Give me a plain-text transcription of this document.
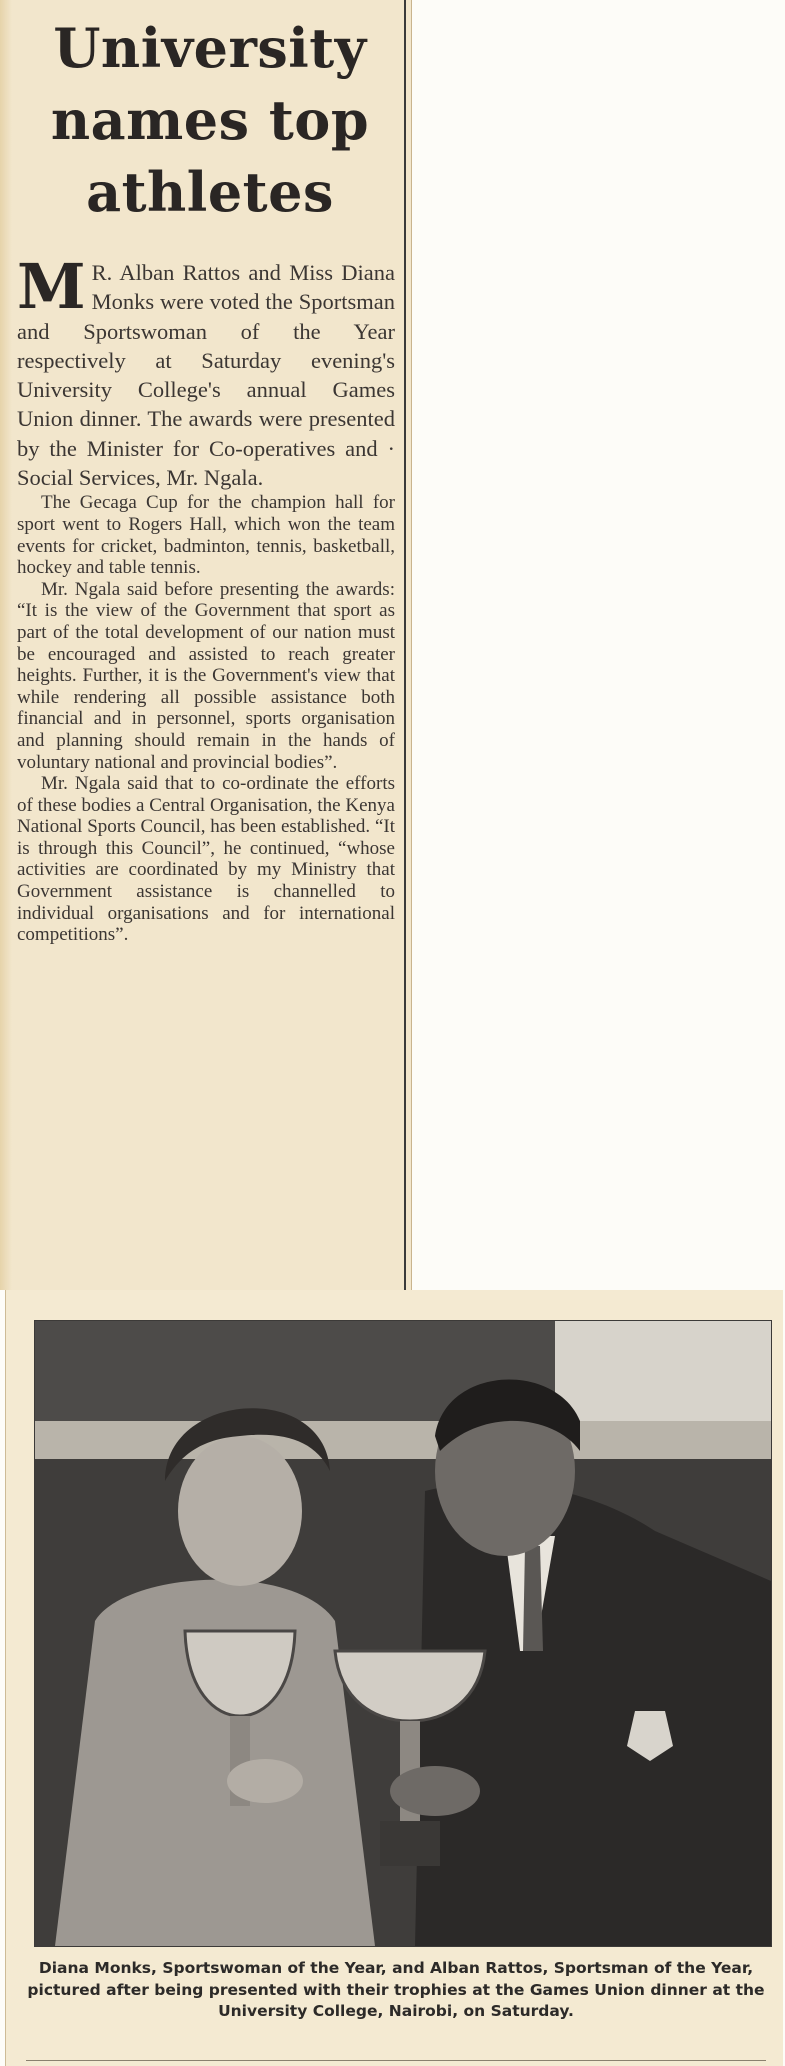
University
names top
athletes

M R. Alban Rattos and Miss Diana Monks were voted the Sportsman and Sportswoman of the Year respectively at Saturday evening's University College's annual Games Union dinner. The awards were presented by the Minister for Co-operatives and · Social Services, Mr. Ngala.

The Gecaga Cup for the champion hall for sport went to Rogers Hall, which won the team events for cricket, badminton, tennis, basketball, hockey and table tennis.

Mr. Ngala said before presenting the awards: “It is the view of the Government that sport as part of the total development of our nation must be encouraged and assisted to reach greater heights. Further, it is the Government's view that while rendering all possible assistance both financial and in personnel, sports organisation and planning should remain in the hands of voluntary national and provincial bodies”.

Mr. Ngala said that to co-ordinate the efforts of these bodies a Central Organisation, the Kenya National Sports Council, has been established. “It is through this Council”, he continued, “whose activities are coordinated by my Ministry that Government assistance is channelled to individual organisations and for international competitions”.

Diana Monks, Sportswoman of the Year, and Alban Rattos, Sportsman of the Year, pictured after being presented with their trophies at the Games Union dinner at the University College, Nairobi, on Saturday.
